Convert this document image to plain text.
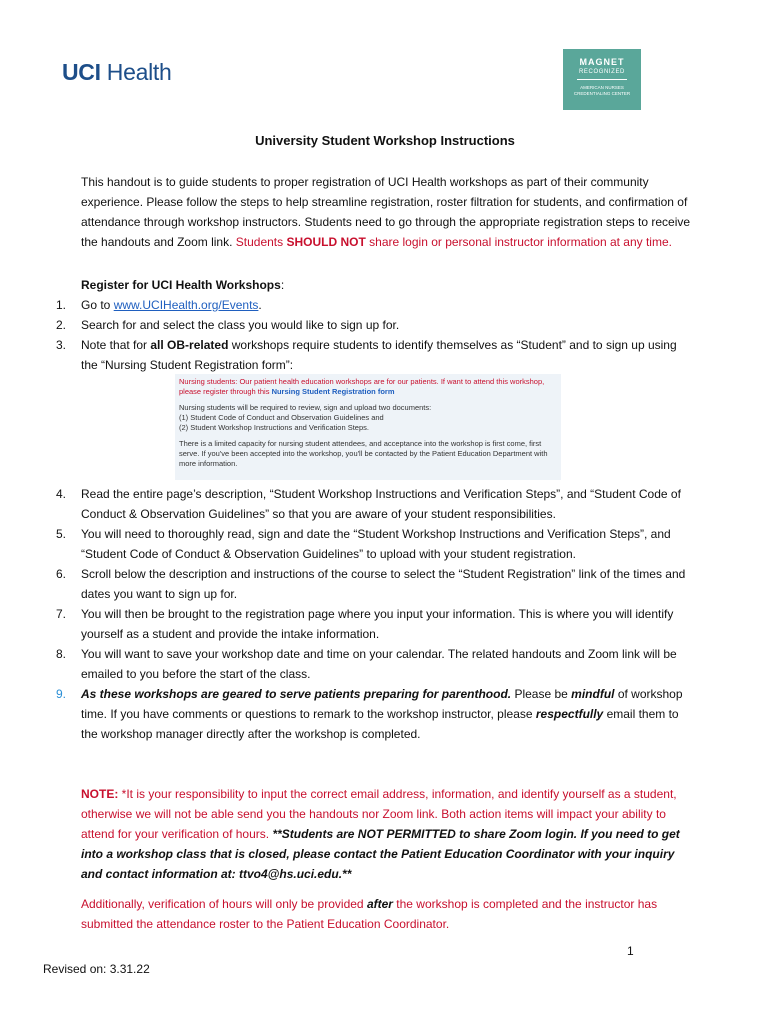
UCI Health	MAGNET
RECOGNIZED
AMERICAN NURSES CREDENTIALING CENTER
University Student Workshop Instructions
This handout is to guide students to proper registration of UCI Health workshops as part of their community experience. Please follow the steps to help streamline registration, roster filtration for students, and confirmation of attendance through workshop instructors. Students need to go through the appropriate registration steps to receive the handouts and Zoom link. Students SHOULD NOT share login or personal instructor information at any time.
Register for UCI Health Workshops:
1. Go to www.UCIHealth.org/Events.
2. Search for and select the class you would like to sign up for.
3. Note that for all OB-related workshops require students to identify themselves as “Student” and to sign up using the “Nursing Student Registration form”:
Nursing students: Our patient health education workshops are for our patients. If want to attend this workshop,
please register through this Nursing Student Registration form
Nursing students will be required to review, sign and upload two documents:
(1) Student Code of Conduct and Observation Guidelines and
(2) Student Workshop Instructions and Verification Steps.
There is a limited capacity for nursing student attendees, and acceptance into the workshop is first come, first serve. If you've been accepted into the workshop, you'll be contacted by the Patient Education Department with more information.
4. Read the entire page’s description, “Student Workshop Instructions and Verification Steps”, and “Student Code of Conduct & Observation Guidelines” so that you are aware of your student responsibilities.
5. You will need to thoroughly read, sign and date the “Student Workshop Instructions and Verification Steps”, and “Student Code of Conduct & Observation Guidelines” to upload with your student registration.
6. Scroll below the description and instructions of the course to select the “Student Registration” link of the times and dates you want to sign up for.
7. You will then be brought to the registration page where you input your information. This is where you will identify yourself as a student and provide the intake information.
8. You will want to save your workshop date and time on your calendar. The related handouts and Zoom link will be emailed to you before the start of the class.
9. As these workshops are geared to serve patients preparing for parenthood. Please be mindful of workshop time. If you have comments or questions to remark to the workshop instructor, please respectfully email them to the workshop manager directly after the workshop is completed.
NOTE: *It is your responsibility to input the correct email address, information, and identify yourself as a student, otherwise we will not be able send you the handouts nor Zoom link. Both action items will impact your ability to attend for your verification of hours. **Students are NOT PERMITTED to share Zoom login. If you need to get into a workshop class that is closed, please contact the Patient Education Coordinator with your inquiry and contact information at: ttvo4@hs.uci.edu.**
Additionally, verification of hours will only be provided after the workshop is completed and the instructor has submitted the attendance roster to the Patient Education Coordinator.
1
Revised on: 3.31.22
